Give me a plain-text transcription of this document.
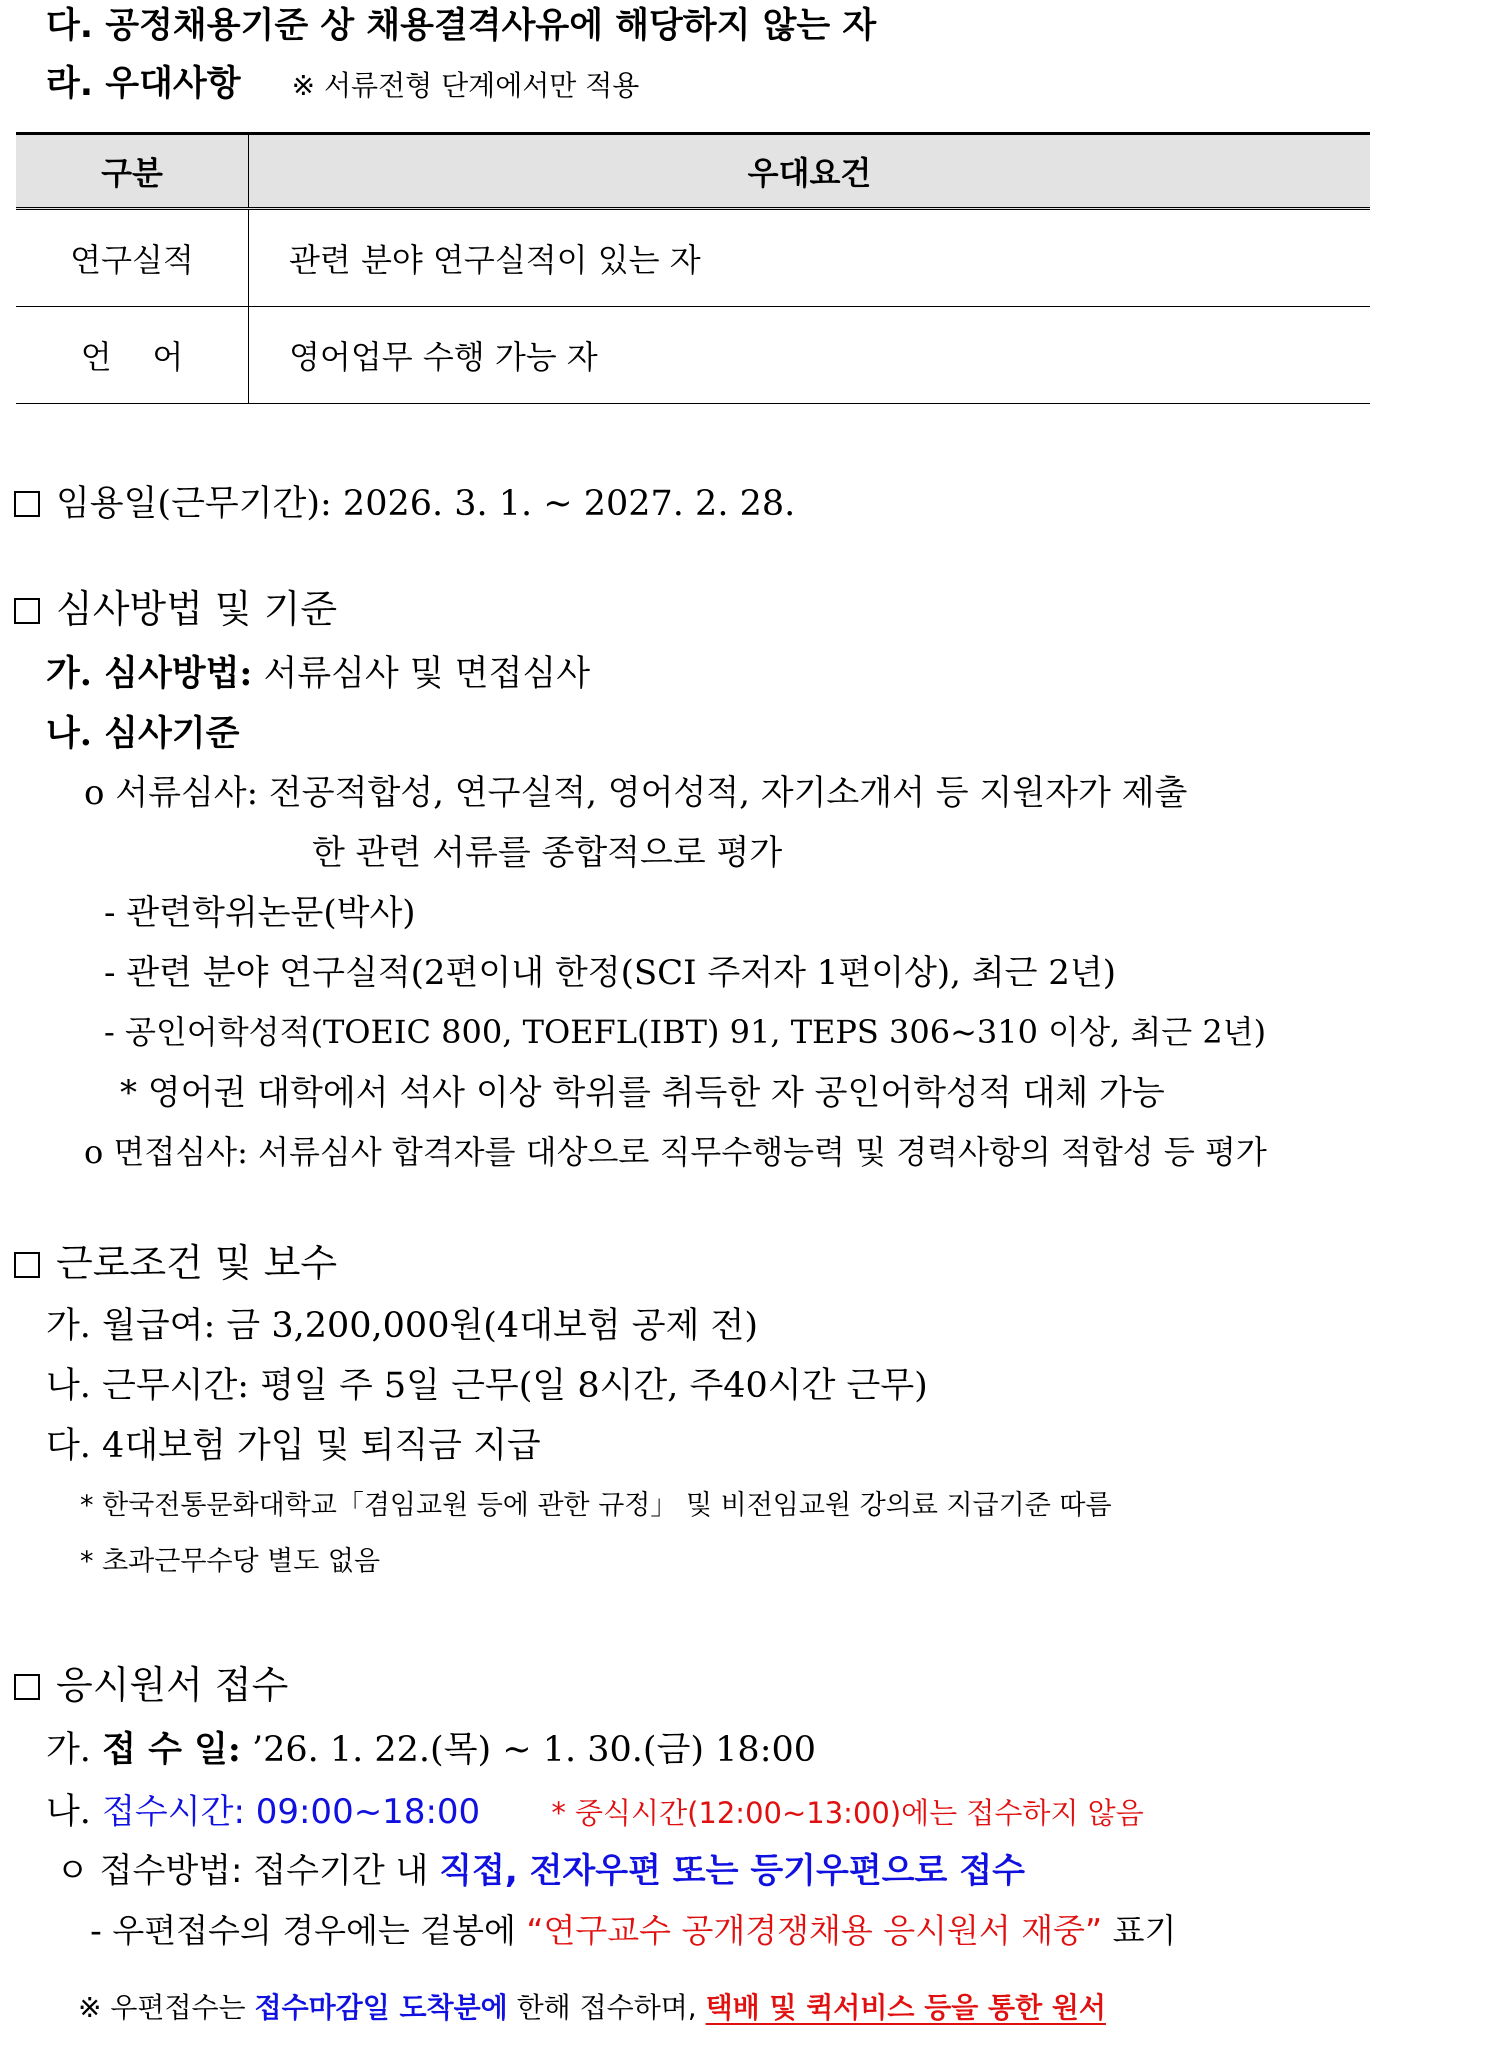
다. 공정채용기준 상 채용결격사유에 해당하지 않는 자
라. 우대사항 ※ 서류전형 단계에서만 적용
구분	우대요건
연구실적	관련 분야 연구실적이 있는 자
언    어	영어업무 수행 가능 자
임용일(근무기간): 2026. 3. 1. ~ 2027. 2. 28.
심사방법 및 기준
가. 심사방법: 서류심사 및 면접심사
나. 심사기준
o 서류심사: 전공적합성, 연구실적, 영어성적, 자기소개서 등 지원자가 제출
한 관련 서류를 종합적으로 평가
- 관련학위논문(박사)
- 관련 분야 연구실적(2편이내 한정(SCI 주저자 1편이상), 최근 2년)
- 공인어학성적(TOEIC 800, TOEFL(IBT) 91, TEPS 306~310 이상, 최근 2년)
* 영어권 대학에서 석사 이상 학위를 취득한 자 공인어학성적 대체 가능
o 면접심사: 서류심사 합격자를 대상으로 직무수행능력 및 경력사항의 적합성 등 평가
근로조건 및 보수
가. 월급여: 금 3,200,000원(4대보험 공제 전)
나. 근무시간: 평일 주 5일 근무(일 8시간, 주40시간 근무)
다. 4대보험 가입 및 퇴직금 지급
* 한국전통문화대학교「겸임교원 등에 관한 규정」 및 비전임교원 강의료 지급기준 따름
* 초과근무수당 별도 없음
응시원서 접수
가. 접 수 일: ’26. 1. 22.(목) ~ 1. 30.(금) 18:00
나. 접수시간: 09:00~18:00 * 중식시간(12:00~13:00)에는 접수하지 않음
ㅇ 접수방법: 접수기간 내 직접, 전자우편 또는 등기우편으로 접수
- 우편접수의 경우에는 겉봉에 “연구교수 공개경쟁채용 응시원서 재중” 표기
※ 우편접수는 접수마감일 도착분에 한해 접수하며, 택배 및 퀵서비스 등을 통한 원서
